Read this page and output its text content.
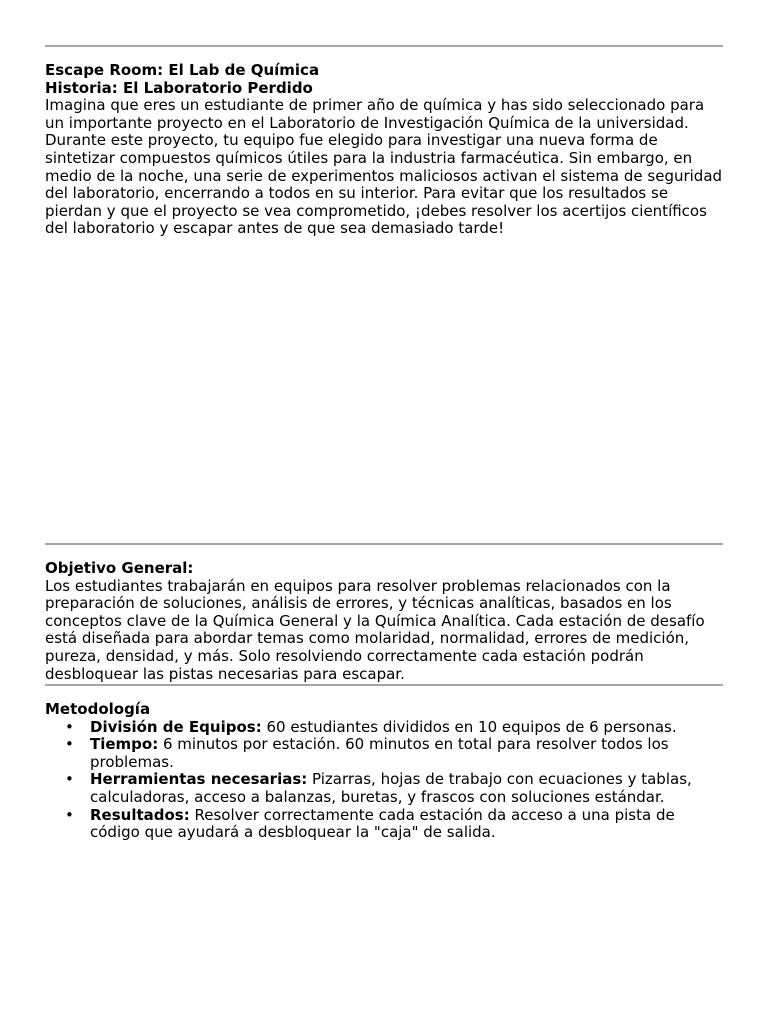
Escape Room: El Lab de Química

Historia: El Laboratorio Perdido

Imagina que eres un estudiante de primer año de química y has sido seleccionado para un importante proyecto en el Laboratorio de Investigación Química de la universidad. Durante este proyecto, tu equipo fue elegido para investigar una nueva forma de sintetizar compuestos químicos útiles para la industria farmacéutica. Sin embargo, en medio de la noche, una serie de experimentos maliciosos activan el sistema de seguridad del laboratorio, encerrando a todos en su interior. Para evitar que los resultados se pierdan y que el proyecto se vea comprometido, ¡debes resolver los acertijos científicos del laboratorio y escapar antes de que sea demasiado tarde!

Objetivo General:

Los estudiantes trabajarán en equipos para resolver problemas relacionados con la preparación de soluciones, análisis de errores, y técnicas analíticas, basados en los conceptos clave de la Química General y la Química Analítica. Cada estación de desafío está diseñada para abordar temas como molaridad, normalidad, errores de medición, pureza, densidad, y más. Solo resolviendo correctamente cada estación podrán desbloquear las pistas necesarias para escapar.

Metodología

• División de Equipos: 60 estudiantes divididos en 10 equipos de 6 personas.
• Tiempo: 6 minutos por estación. 60 minutos en total para resolver todos los problemas.
• Herramientas necesarias: Pizarras, hojas de trabajo con ecuaciones y tablas, calculadoras, acceso a balanzas, buretas, y frascos con soluciones estándar.
• Resultados: Resolver correctamente cada estación da acceso a una pista de código que ayudará a desbloquear la "caja" de salida.
